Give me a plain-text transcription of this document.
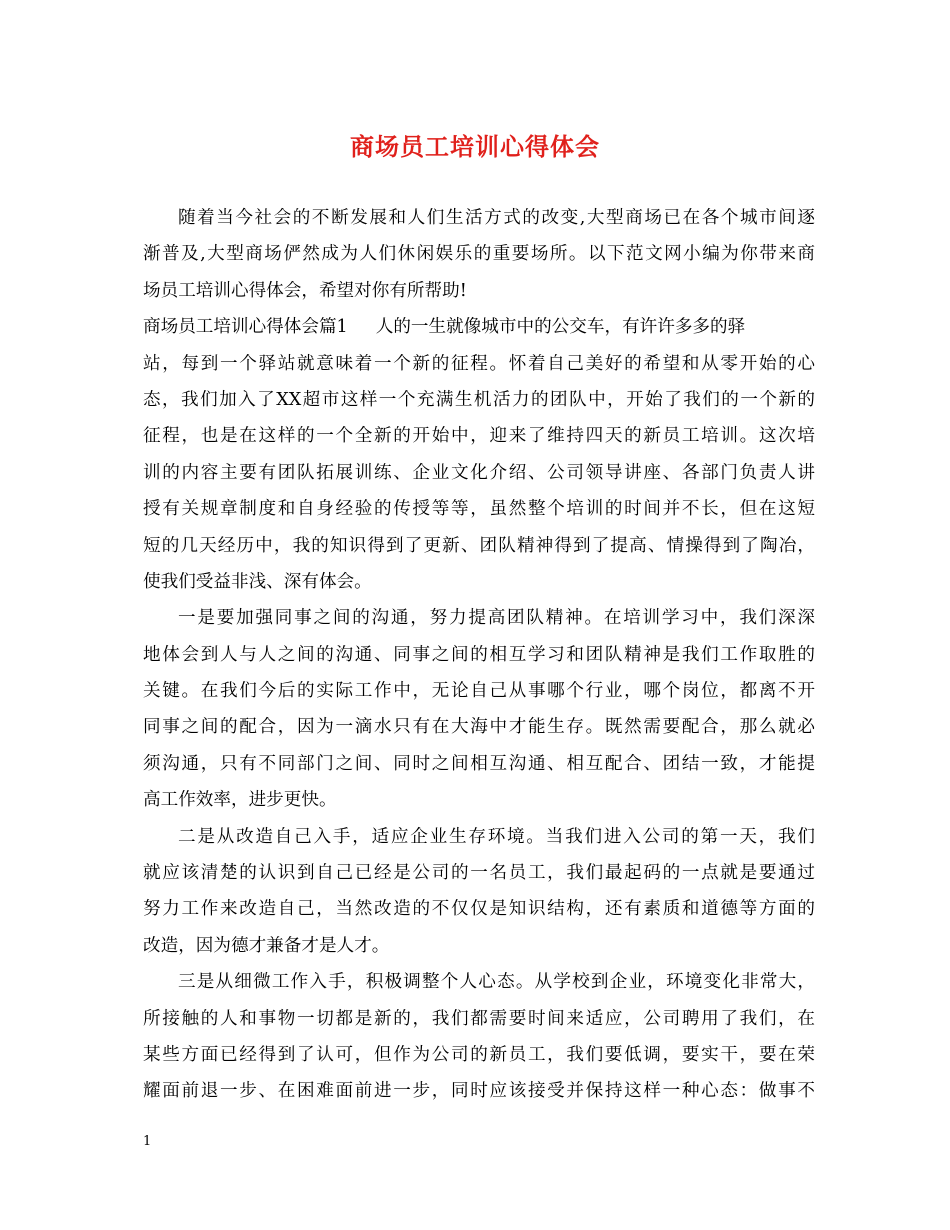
商场员工培训心得体会
随着当今社会的不断发展和人们生活方式的改变,大型商场已在各个城市间逐
渐普及,大型商场俨然成为人们休闲娱乐的重要场所。以下范文网小编为你带来商
场员工培训心得体会，希望对你有所帮助!
商场员工培训心得体会篇1 人的一生就像城市中的公交车，有许许多多的驿
站，每到一个驿站就意味着一个新的征程。怀着自己美好的希望和从零开始的心
态，我们加入了XX超市这样一个充满生机活力的团队中，开始了我们的一个新的
征程，也是在这样的一个全新的开始中，迎来了维持四天的新员工培训。这次培
训的内容主要有团队拓展训练、企业文化介绍、公司领导讲座、各部门负责人讲
授有关规章制度和自身经验的传授等等，虽然整个培训的时间并不长，但在这短
短的几天经历中，我的知识得到了更新、团队精神得到了提高、情操得到了陶冶，
使我们受益非浅、深有体会。
一是要加强同事之间的沟通，努力提高团队精神。在培训学习中，我们深深
地体会到人与人之间的沟通、同事之间的相互学习和团队精神是我们工作取胜的
关键。在我们今后的实际工作中，无论自己从事哪个行业，哪个岗位，都离不开
同事之间的配合，因为一滴水只有在大海中才能生存。既然需要配合，那么就必
须沟通，只有不同部门之间、同时之间相互沟通、相互配合、团结一致，才能提
高工作效率，进步更快。
二是从改造自己入手，适应企业生存环境。当我们进入公司的第一天，我们
就应该清楚的认识到自己已经是公司的一名员工，我们最起码的一点就是要通过
努力工作来改造自己，当然改造的不仅仅是知识结构，还有素质和道德等方面的
改造，因为德才兼备才是人才。
三是从细微工作入手，积极调整个人心态。从学校到企业，环境变化非常大，
所接触的人和事物一切都是新的，我们都需要时间来适应，公司聘用了我们，在
某些方面已经得到了认可，但作为公司的新员工，我们要低调，要实干，要在荣
耀面前退一步、在困难面前进一步，同时应该接受并保持这样一种心态：做事不
1
